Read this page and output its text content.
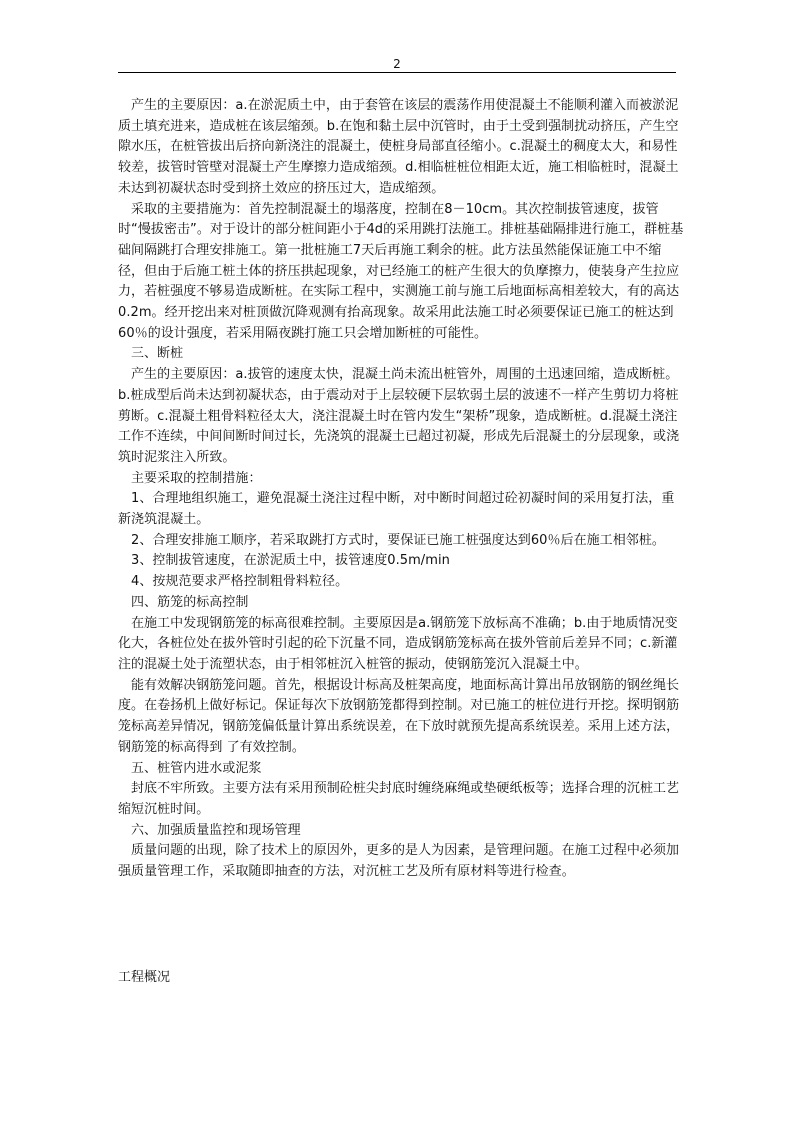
2

产生的主要原因：a.在淤泥质土中，由于套管在该层的震荡作用使混凝土不能顺利灌入而被淤泥质土填充进来，造成桩在该层缩颈。b.在饱和黏土层中沉管时，由于土受到强制扰动挤压，产生空隙水压，在桩管拔出后挤向新浇注的混凝土，使桩身局部直径缩小。c.混凝土的稠度太大，和易性较差，拔管时管壁对混凝土产生摩擦力造成缩颈。d.相临桩桩位相距太近，施工相临桩时，混凝土未达到初凝状态时受到挤土效应的挤压过大，造成缩颈。

采取的主要措施为：首先控制混凝土的塌落度，控制在8－10cm。其次控制拔管速度，拔管时“慢拔密击”。对于设计的部分桩间距小于4d的采用跳打法施工。排桩基础隔排进行施工，群桩基础间隔跳打合理安排施工。第一批桩施工7天后再施工剩余的桩。此方法虽然能保证施工中不缩径，但由于后施工桩土体的挤压拱起现象，对已经施工的桩产生很大的负摩擦力，使装身产生拉应力，若桩强度不够易造成断桩。在实际工程中，实测施工前与施工后地面标高相差较大，有的高达0.2m。经开挖出来对桩顶做沉降观测有抬高现象。故采用此法施工时必须要保证已施工的桩达到60％的设计强度，若采用隔夜跳打施工只会增加断桩的可能性。

三、断桩

产生的主要原因：a.拔管的速度太快，混凝土尚未流出桩管外，周围的土迅速回缩，造成断桩。b.桩成型后尚未达到初凝状态，由于震动对于上层较硬下层软弱土层的波速不一样产生剪切力将桩剪断。c.混凝土粗骨料粒径太大，浇注混凝土时在管内发生“架桥”现象，造成断桩。d.混凝土浇注工作不连续，中间间断时间过长，先浇筑的混凝土已超过初凝，形成先后混凝土的分层现象，或浇筑时泥浆注入所致。

主要采取的控制措施：

1、合理地组织施工，避免混凝土浇注过程中断，对中断时间超过砼初凝时间的采用复打法，重新浇筑混凝土。

2、合理安排施工顺序，若采取跳打方式时，要保证已施工桩强度达到60％后在施工相邻桩。

3、控制拔管速度，在淤泥质土中，拔管速度0.5m/min

4、按规范要求严格控制粗骨料粒径。

四、筋笼的标高控制

在施工中发现钢筋笼的标高很难控制。主要原因是a.钢筋笼下放标高不准确；b.由于地质情况变化大，各桩位处在拔外管时引起的砼下沉量不同，造成钢筋笼标高在拔外管前后差异不同；c.新灌注的混凝土处于流塑状态，由于相邻桩沉入桩管的振动，使钢筋笼沉入混凝土中。

能有效解决钢筋笼问题。首先，根据设计标高及桩架高度，地面标高计算出吊放钢筋的钢丝绳长度。在卷扬机上做好标记。保证每次下放钢筋笼都得到控制。对已施工的桩位进行开挖。探明钢筋笼标高差异情况，钢筋笼偏低量计算出系统误差，在下放时就预先提高系统误差。采用上述方法，钢筋笼的标高得到 了有效控制。

五、桩管内进水或泥浆

封底不牢所致。主要方法有采用预制砼桩尖封底时缠绕麻绳或垫硬纸板等；选择合理的沉桩工艺缩短沉桩时间。

六、加强质量监控和现场管理

质量问题的出现，除了技术上的原因外，更多的是人为因素，是管理问题。在施工过程中必须加强质量管理工作，采取随即抽查的方法，对沉桩工艺及所有原材料等进行检查。

工程概况
